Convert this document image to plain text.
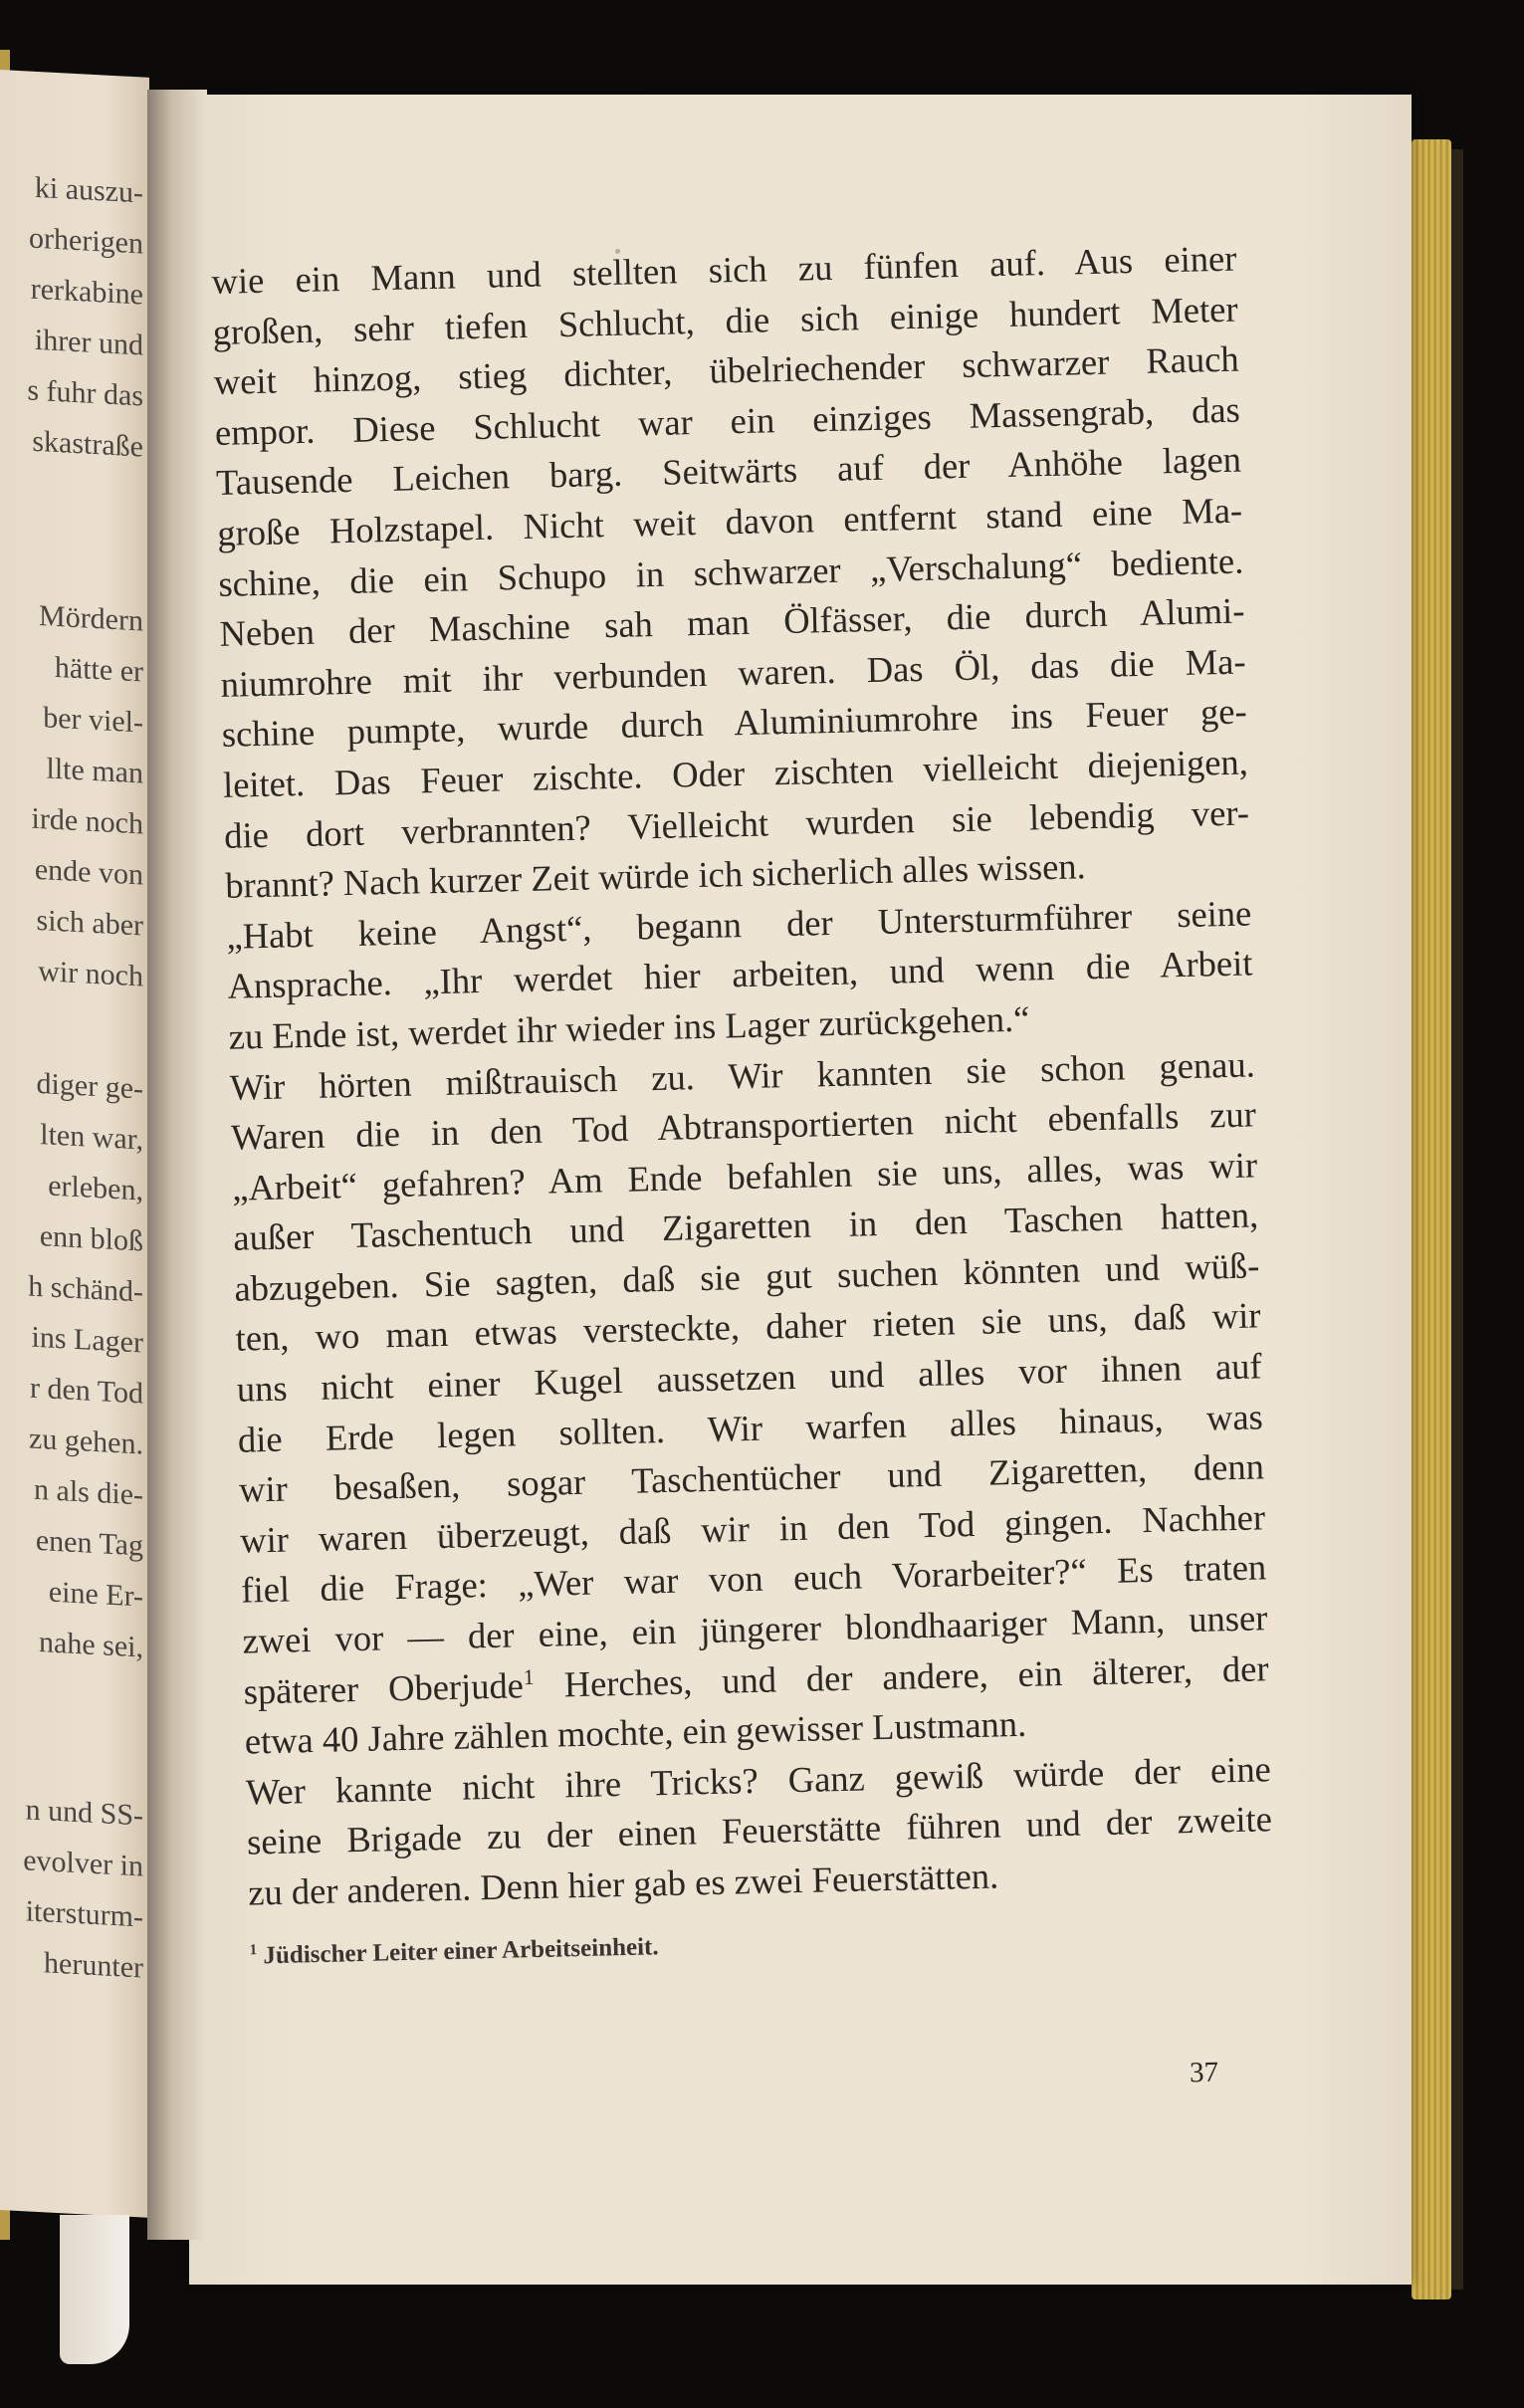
ki auszu-
orherigen
rerkabine
ihrer und
s fuhr das
skastraße
Mördern
hätte er
ber viel-
llte man
irde noch
ende von
sich aber
wir noch
diger ge-
lten war,
erleben,
enn bloß
h schänd-
ins Lager
r den Tod
zu gehen.
n als die-
enen Tag
eine Er-
nahe sei,
n und SS-
evolver in
itersturm-
herunter
wie ein Mann und stellten sich zu fünfen auf. Aus einer
großen, sehr tiefen Schlucht, die sich einige hundert Meter
weit hinzog, stieg dichter, übelriechender schwarzer Rauch
empor. Diese Schlucht war ein einziges Massengrab, das
Tausende Leichen barg. Seitwärts auf der Anhöhe lagen
große Holzstapel. Nicht weit davon entfernt stand eine Ma-
schine, die ein Schupo in schwarzer „Verschalung“ bediente.
Neben der Maschine sah man Ölfässer, die durch Alumi-
niumrohre mit ihr verbunden waren. Das Öl, das die Ma-
schine pumpte, wurde durch Aluminiumrohre ins Feuer ge-
leitet. Das Feuer zischte. Oder zischten vielleicht diejenigen,
die dort verbrannten? Vielleicht wurden sie lebendig ver-
brannt? Nach kurzer Zeit würde ich sicherlich alles wissen.
„Habt keine Angst“, begann der Untersturmführer seine
Ansprache. „Ihr werdet hier arbeiten, und wenn die Arbeit
zu Ende ist, werdet ihr wieder ins Lager zurückgehen.“
Wir hörten mißtrauisch zu. Wir kannten sie schon genau.
Waren die in den Tod Abtransportierten nicht ebenfalls zur
„Arbeit“ gefahren? Am Ende befahlen sie uns, alles, was wir
außer Taschentuch und Zigaretten in den Taschen hatten,
abzugeben. Sie sagten, daß sie gut suchen könnten und wüß-
ten, wo man etwas versteckte, daher rieten sie uns, daß wir
uns nicht einer Kugel aussetzen und alles vor ihnen auf
die Erde legen sollten. Wir warfen alles hinaus, was
wir besaßen, sogar Taschentücher und Zigaretten, denn
wir waren überzeugt, daß wir in den Tod gingen. Nachher
fiel die Frage: „Wer war von euch Vorarbeiter?“ Es traten
zwei vor — der eine, ein jüngerer blondhaariger Mann, unser
späterer Oberjude$^1$ Herches, und der andere, ein älterer, der
etwa 40 Jahre zählen mochte, ein gewisser Lustmann.
Wer kannte nicht ihre Tricks? Ganz gewiß würde der eine
seine Brigade zu der einen Feuerstätte führen und der zweite
zu der anderen. Denn hier gab es zwei Feuerstätten.
$^1$ Jüdischer Leiter einer Arbeitseinheit.
37
